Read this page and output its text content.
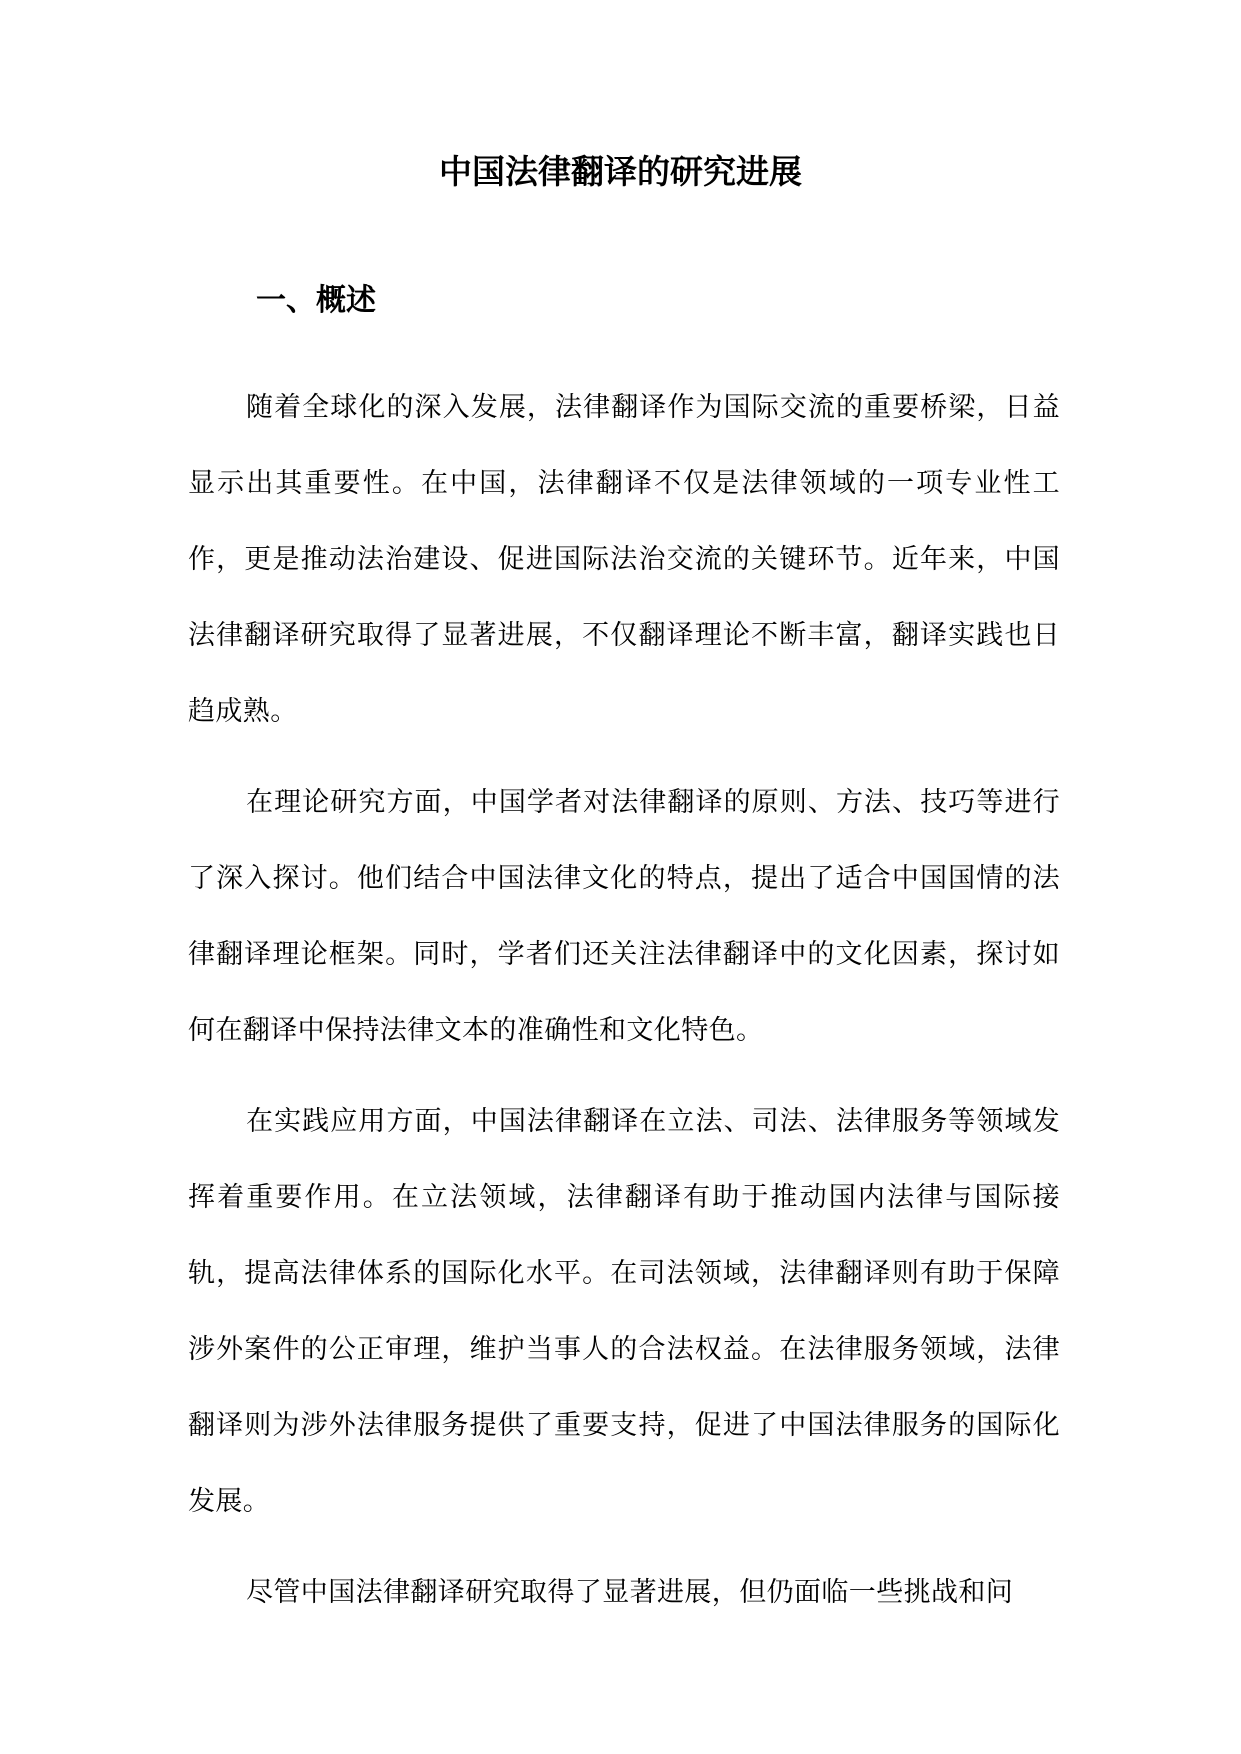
中国法律翻译的研究进展
一、概述

随着全球化的深入发展，法律翻译作为国际交流的重要桥梁，日益显示出其重要性。在中国，法律翻译不仅是法律领域的一项专业性工作，更是推动法治建设、促进国际法治交流的关键环节。近年来，中国法律翻译研究取得了显著进展，不仅翻译理论不断丰富，翻译实践也日趋成熟。

在理论研究方面，中国学者对法律翻译的原则、方法、技巧等进行了深入探讨。他们结合中国法律文化的特点，提出了适合中国国情的法律翻译理论框架。同时，学者们还关注法律翻译中的文化因素，探讨如何在翻译中保持法律文本的准确性和文化特色。

在实践应用方面，中国法律翻译在立法、司法、法律服务等领域发挥着重要作用。在立法领域，法律翻译有助于推动国内法律与国际接轨，提高法律体系的国际化水平。在司法领域，法律翻译则有助于保障涉外案件的公正审理，维护当事人的合法权益。在法律服务领域，法律翻译则为涉外法律服务提供了重要支持，促进了中国法律服务的国际化发展。

尽管中国法律翻译研究取得了显著进展，但仍面临一些挑战和问
